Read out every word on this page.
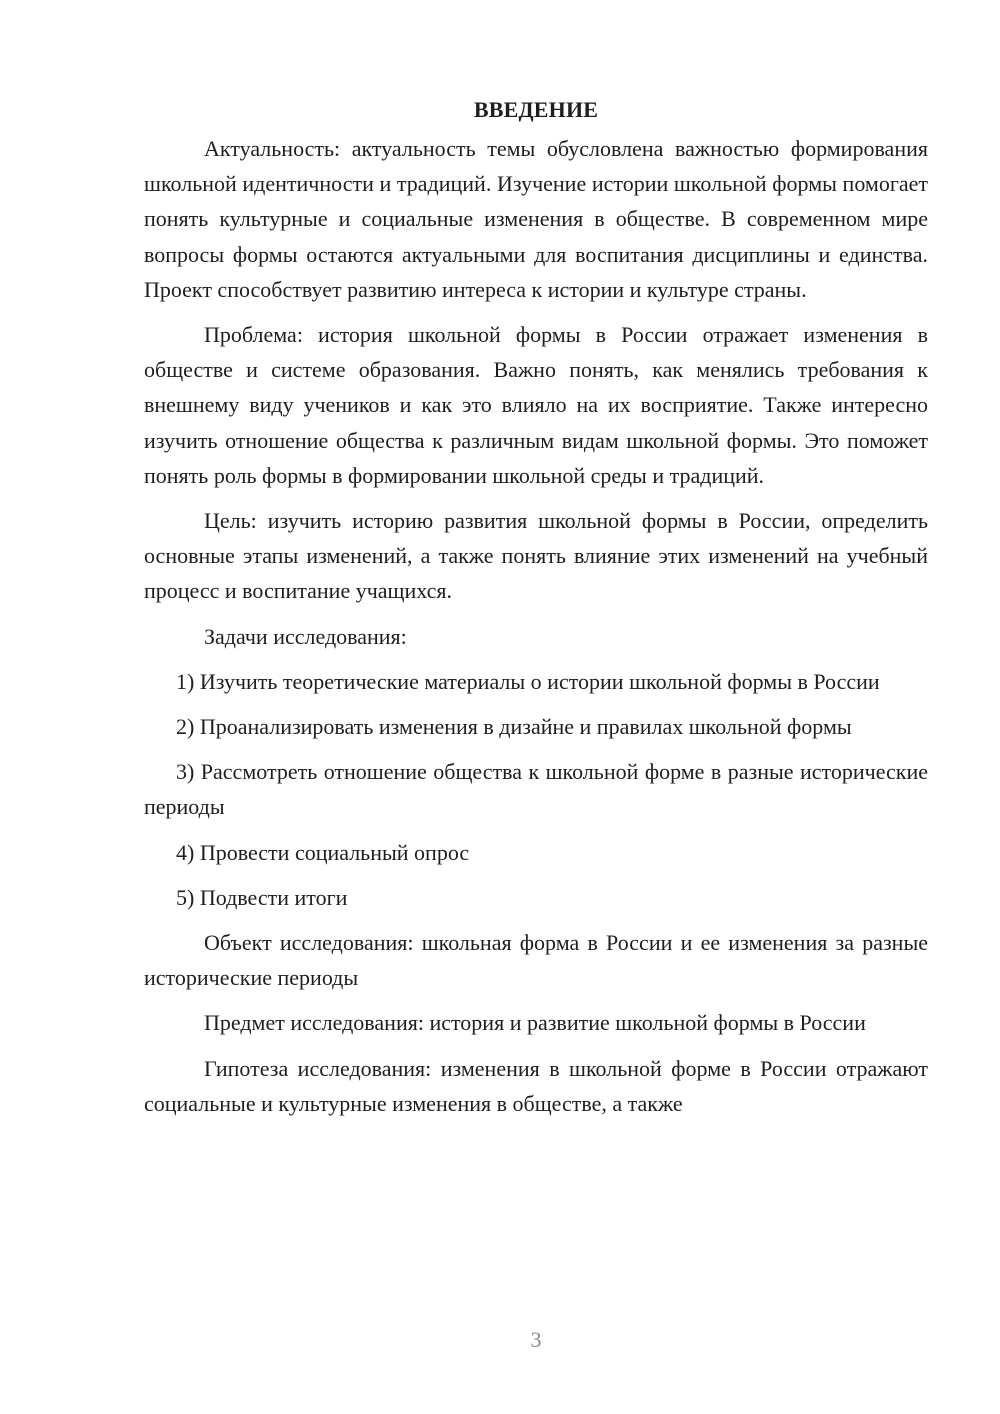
ВВЕДЕНИЕ

Актуальность: актуальность темы обусловлена важностью формирования школьной идентичности и традиций. Изучение истории школьной формы помогает понять культурные и социальные изменения в обществе. В современном мире вопросы формы остаются актуальными для воспитания дисциплины и единства. Проект способствует развитию интереса к истории и культуре страны.

Проблема: история школьной формы в России отражает изменения в обществе и системе образования. Важно понять, как менялись требования к внешнему виду учеников и как это влияло на их восприятие. Также интересно изучить отношение общества к различным видам школьной формы. Это поможет понять роль формы в формировании школьной среды и традиций.

Цель: изучить историю развития школьной формы в России, определить основные этапы изменений, а также понять влияние этих изменений на учебный процесс и воспитание учащихся.

Задачи исследования:

1) Изучить теоретические материалы о истории школьной формы в России

2) Проанализировать изменения в дизайне и правилах школьной формы

3) Рассмотреть отношение общества к школьной форме в разные исторические периоды

4) Провести социальный опрос

5) Подвести итоги

Объект исследования: школьная форма в России и ее изменения за разные исторические периоды

Предмет исследования: история и развитие школьной формы в России

Гипотеза исследования: изменения в школьной форме в России отражают социальные и культурные изменения в обществе, а также

3
